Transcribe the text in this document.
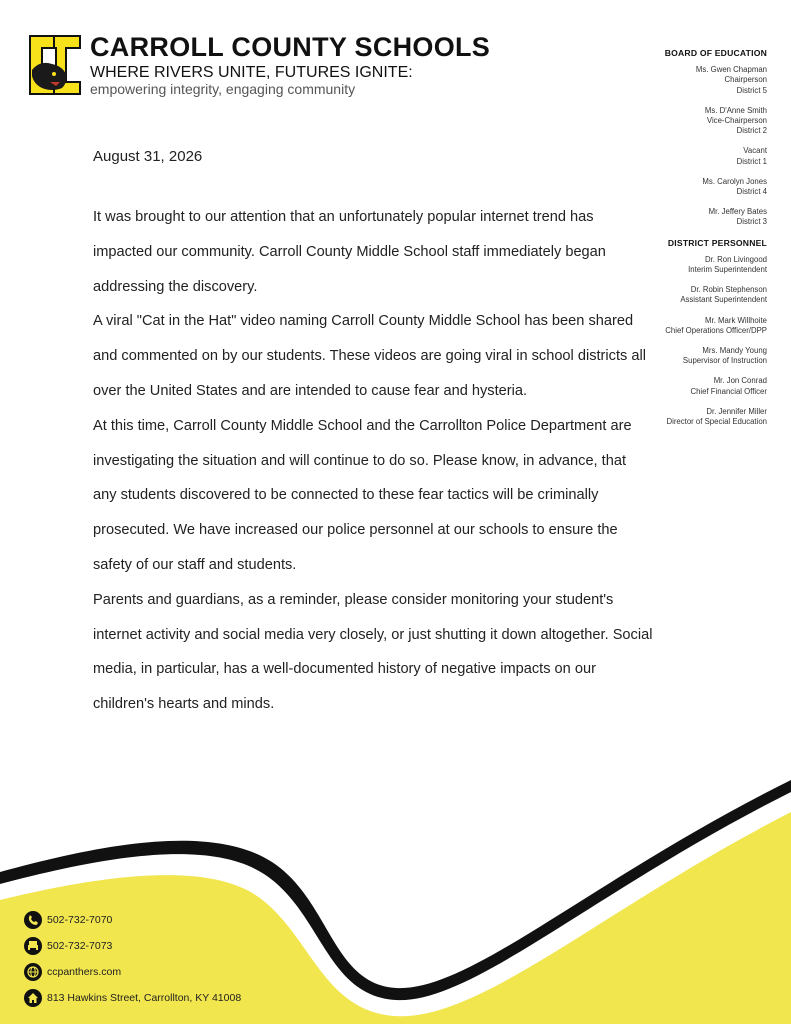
CARROLL COUNTY SCHOOLS
WHERE RIVERS UNITE, FUTURES IGNITE:
empowering integrity, engaging community
BOARD OF EDUCATION
Ms. Gwen Chapman
Chairperson
District 5
Ms. D'Anne Smith
Vice-Chairperson
District 2
Vacant
District 1
Ms. Carolyn Jones
District 4
Mr. Jeffery Bates
District 3
DISTRICT PERSONNEL
Dr. Ron Livingood
Interim Superintendent
Dr. Robin Stephenson
Assistant Superintendent
Mr. Mark Willhoite
Chief Operations Officer/DPP
Mrs. Mandy Young
Supervisor of Instruction
Mr. Jon Conrad
Chief Financial Officer
Dr. Jennifer Miller
Director of Special Education
August 31, 2026

It was brought to our attention that an unfortunately popular internet trend has impacted our community. Carroll County Middle School staff immediately began addressing the discovery.

A viral "Cat in the Hat" video naming Carroll County Middle School has been shared and commented on by our students. These videos are going viral in school districts all over the United States and are intended to cause fear and hysteria.

At this time, Carroll County Middle School and the Carrollton Police Department are investigating the situation and will continue to do so. Please know, in advance, that any students discovered to be connected to these fear tactics will be criminally prosecuted. We have increased our police personnel at our schools to ensure the safety of our staff and students.

Parents and guardians, as a reminder, please consider monitoring your student's internet activity and social media very closely, or just shutting it down altogether. Social media, in particular, has a well-documented history of negative impacts on our children's hearts and minds.

502-732-7070
502-732-7073
ccpanthers.com
813 Hawkins Street, Carrollton, KY 41008
